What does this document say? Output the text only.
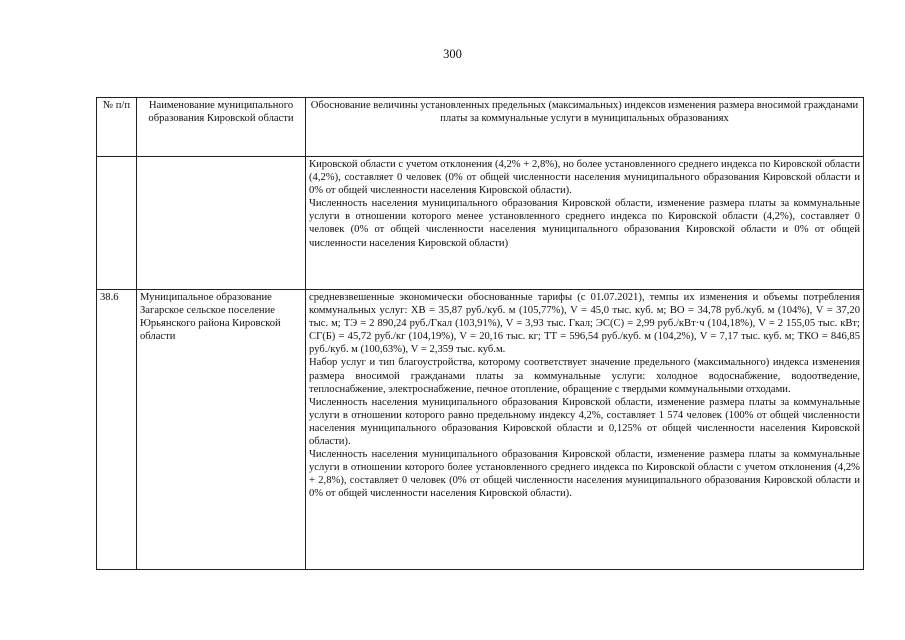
300
№ п/п	Наименование муниципального образования Кировской области	Обоснование величины установленных предельных (максимальных) индексов изменения размера вносимой гражданами платы за коммунальные услуги в муниципальных образованиях

		Кировской области с учетом отклонения (4,2% + 2,8%), но более установленного среднего индекса по Кировской области (4,2%), составляет 0 человек (0% от общей численности населения муниципального образования Кировской области и 0% от общей численности населения Кировской области).

Численность населения муниципального образования Кировской области, изменение размера платы за коммунальные услуги в отношении которого менее установленного среднего индекса по Кировской области (4,2%), составляет 0 человек (0% от общей численности населения муниципального образования Кировской области и 0% от общей численности населения Кировской области)

38.6	Муниципальное образование Загарское сельское поселение Юрьянского района Кировской области	средневзвешенные экономически обоснованные тарифы (с 01.07.2021), темпы их изменения и объемы потребления коммунальных услуг: ХВ = 35,87 руб./куб. м (105,77%), V = 45,0 тыс. куб. м; ВО = 34,78 руб./куб. м (104%), V = 37,20 тыс. м; ТЭ = 2 890,24 руб./Гкал (103,91%), V = 3,93 тыс. Гкал; ЭС(С) = 2,99 руб./кВт·ч (104,18%), V = 2 155,05 тыс. кВт; СГ(Б) = 45,72 руб./кг (104,19%), V = 20,16 тыс. кг; ТТ = 596,54 руб./куб. м (104,2%), V = 7,17 тыс. куб. м; ТКО = 846,85 руб./куб. м (100,63%), V = 2,359 тыс. куб.м.

Набор услуг и тип благоустройства, которому соответствует значение предельного (максимального) индекса изменения размера вносимой гражданами платы за коммунальные услуги: холодное водоснабжение, водоотведение, теплоснабжение, электроснабжение, печное отопление, обращение с твердыми коммунальными отходами.

Численность населения муниципального образования Кировской области, изменение размера платы за коммунальные услуги в отношении которого равно предельному индексу 4,2%, составляет 1 574 человек (100% от общей численности населения муниципального образования Кировской области и 0,125% от общей численности населения Кировской области).

Численность населения муниципального образования Кировской области, изменение размера платы за коммунальные услуги в отношении которого более установленного среднего индекса по Кировской области с учетом отклонения (4,2% + 2,8%), составляет 0 человек (0% от общей численности населения муниципального образования Кировской области и 0% от общей численности населения Кировской области).
